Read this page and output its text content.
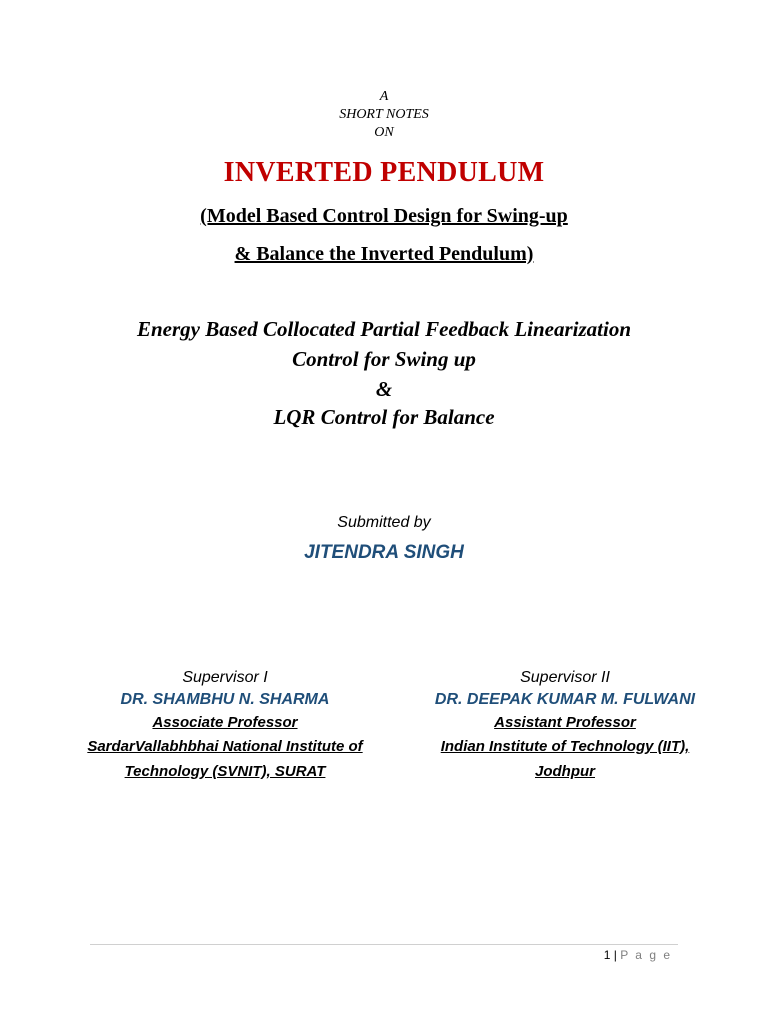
A
SHORT NOTES
ON
INVERTED PENDULUM
(Model Based Control Design for Swing-up
& Balance the Inverted Pendulum)
Energy Based Collocated Partial Feedback Linearization
Control for Swing up
&
LQR Control for Balance
Submitted by
JITENDRA SINGH
Supervisor I
DR. SHAMBHU N. SHARMA
Associate Professor
SardarVallabhbhai National Institute of
Technology (SVNIT), SURAT
Supervisor II
DR. DEEPAK KUMAR M. FULWANI
Assistant Professor
Indian Institute of Technology (IIT),
Jodhpur
1 | P a g e
